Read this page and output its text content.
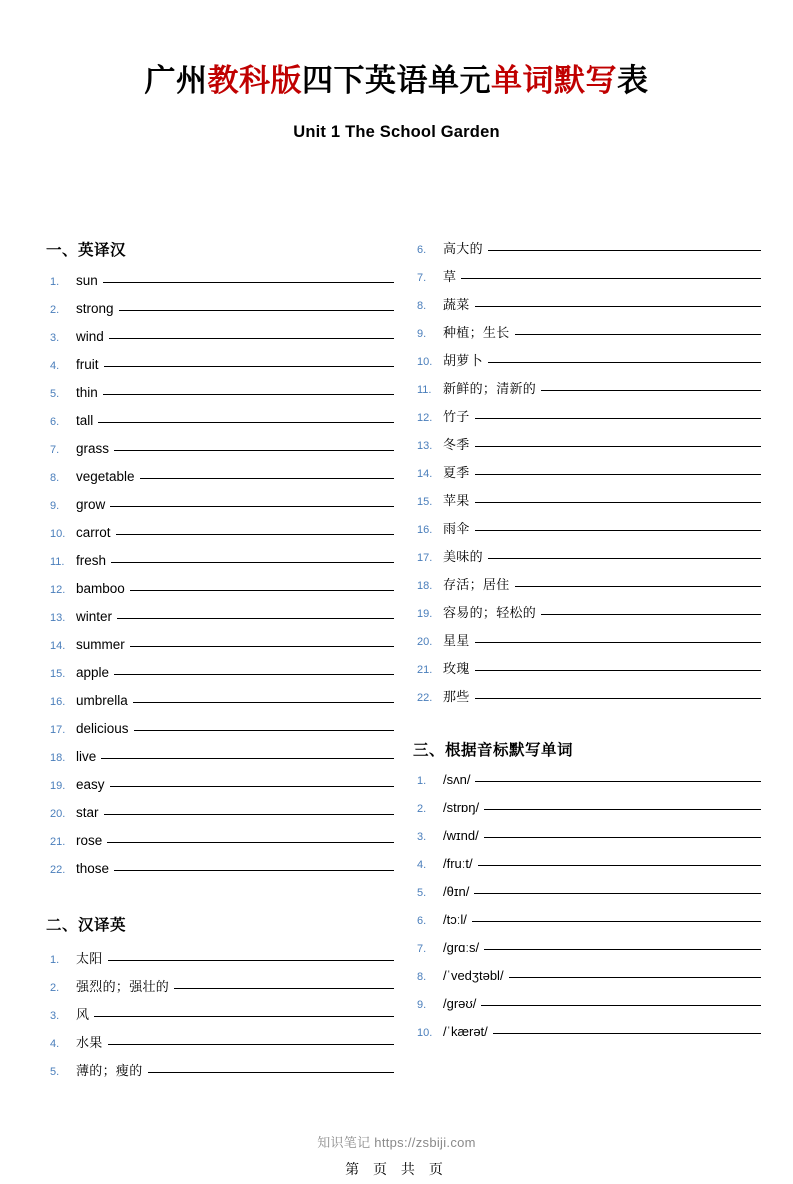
广州教科版四下英语单元单词默写表
Unit 1 The School Garden
一、英译汉
1.	sun
2.	strong
3.	wind
4.	fruit
5.	thin
6.	tall
7.	grass
8.	vegetable
9.	grow
10. carrot
11. fresh
12. bamboo
13. winter
14. summer
15. apple
16. umbrella
17. delicious
18. live
19. easy
20. star
21. rose
22. those
二、汉译英
1.	太阳
2.	强烈的；强壮的
3.	风
4.	水果
5.	薄的；瘦的
6.	高大的
7.	草
8.	蔬菜
9.	种植；生长
10. 胡萝卜
11. 新鲜的；清新的
12. 竹子
13. 冬季
14. 夏季
15. 苹果
16. 雨伞
17. 美味的
18. 存活；居住
19. 容易的；轻松的
20. 星星
21. 玫瑰
22. 那些
三、根据音标默写单词
1.	/sʌn/
2.	/strɒŋ/
3.	/wɪnd/
4.	/fruːt/
5.	/θɪn/
6.	/tɔːl/
7.	/grɑːs/
8.	/ˈvedʒtəbl/
9.	/grəʊ/
10. /ˈkærət/
知识笔记 https://zsbiji.com
第 页 共 页
